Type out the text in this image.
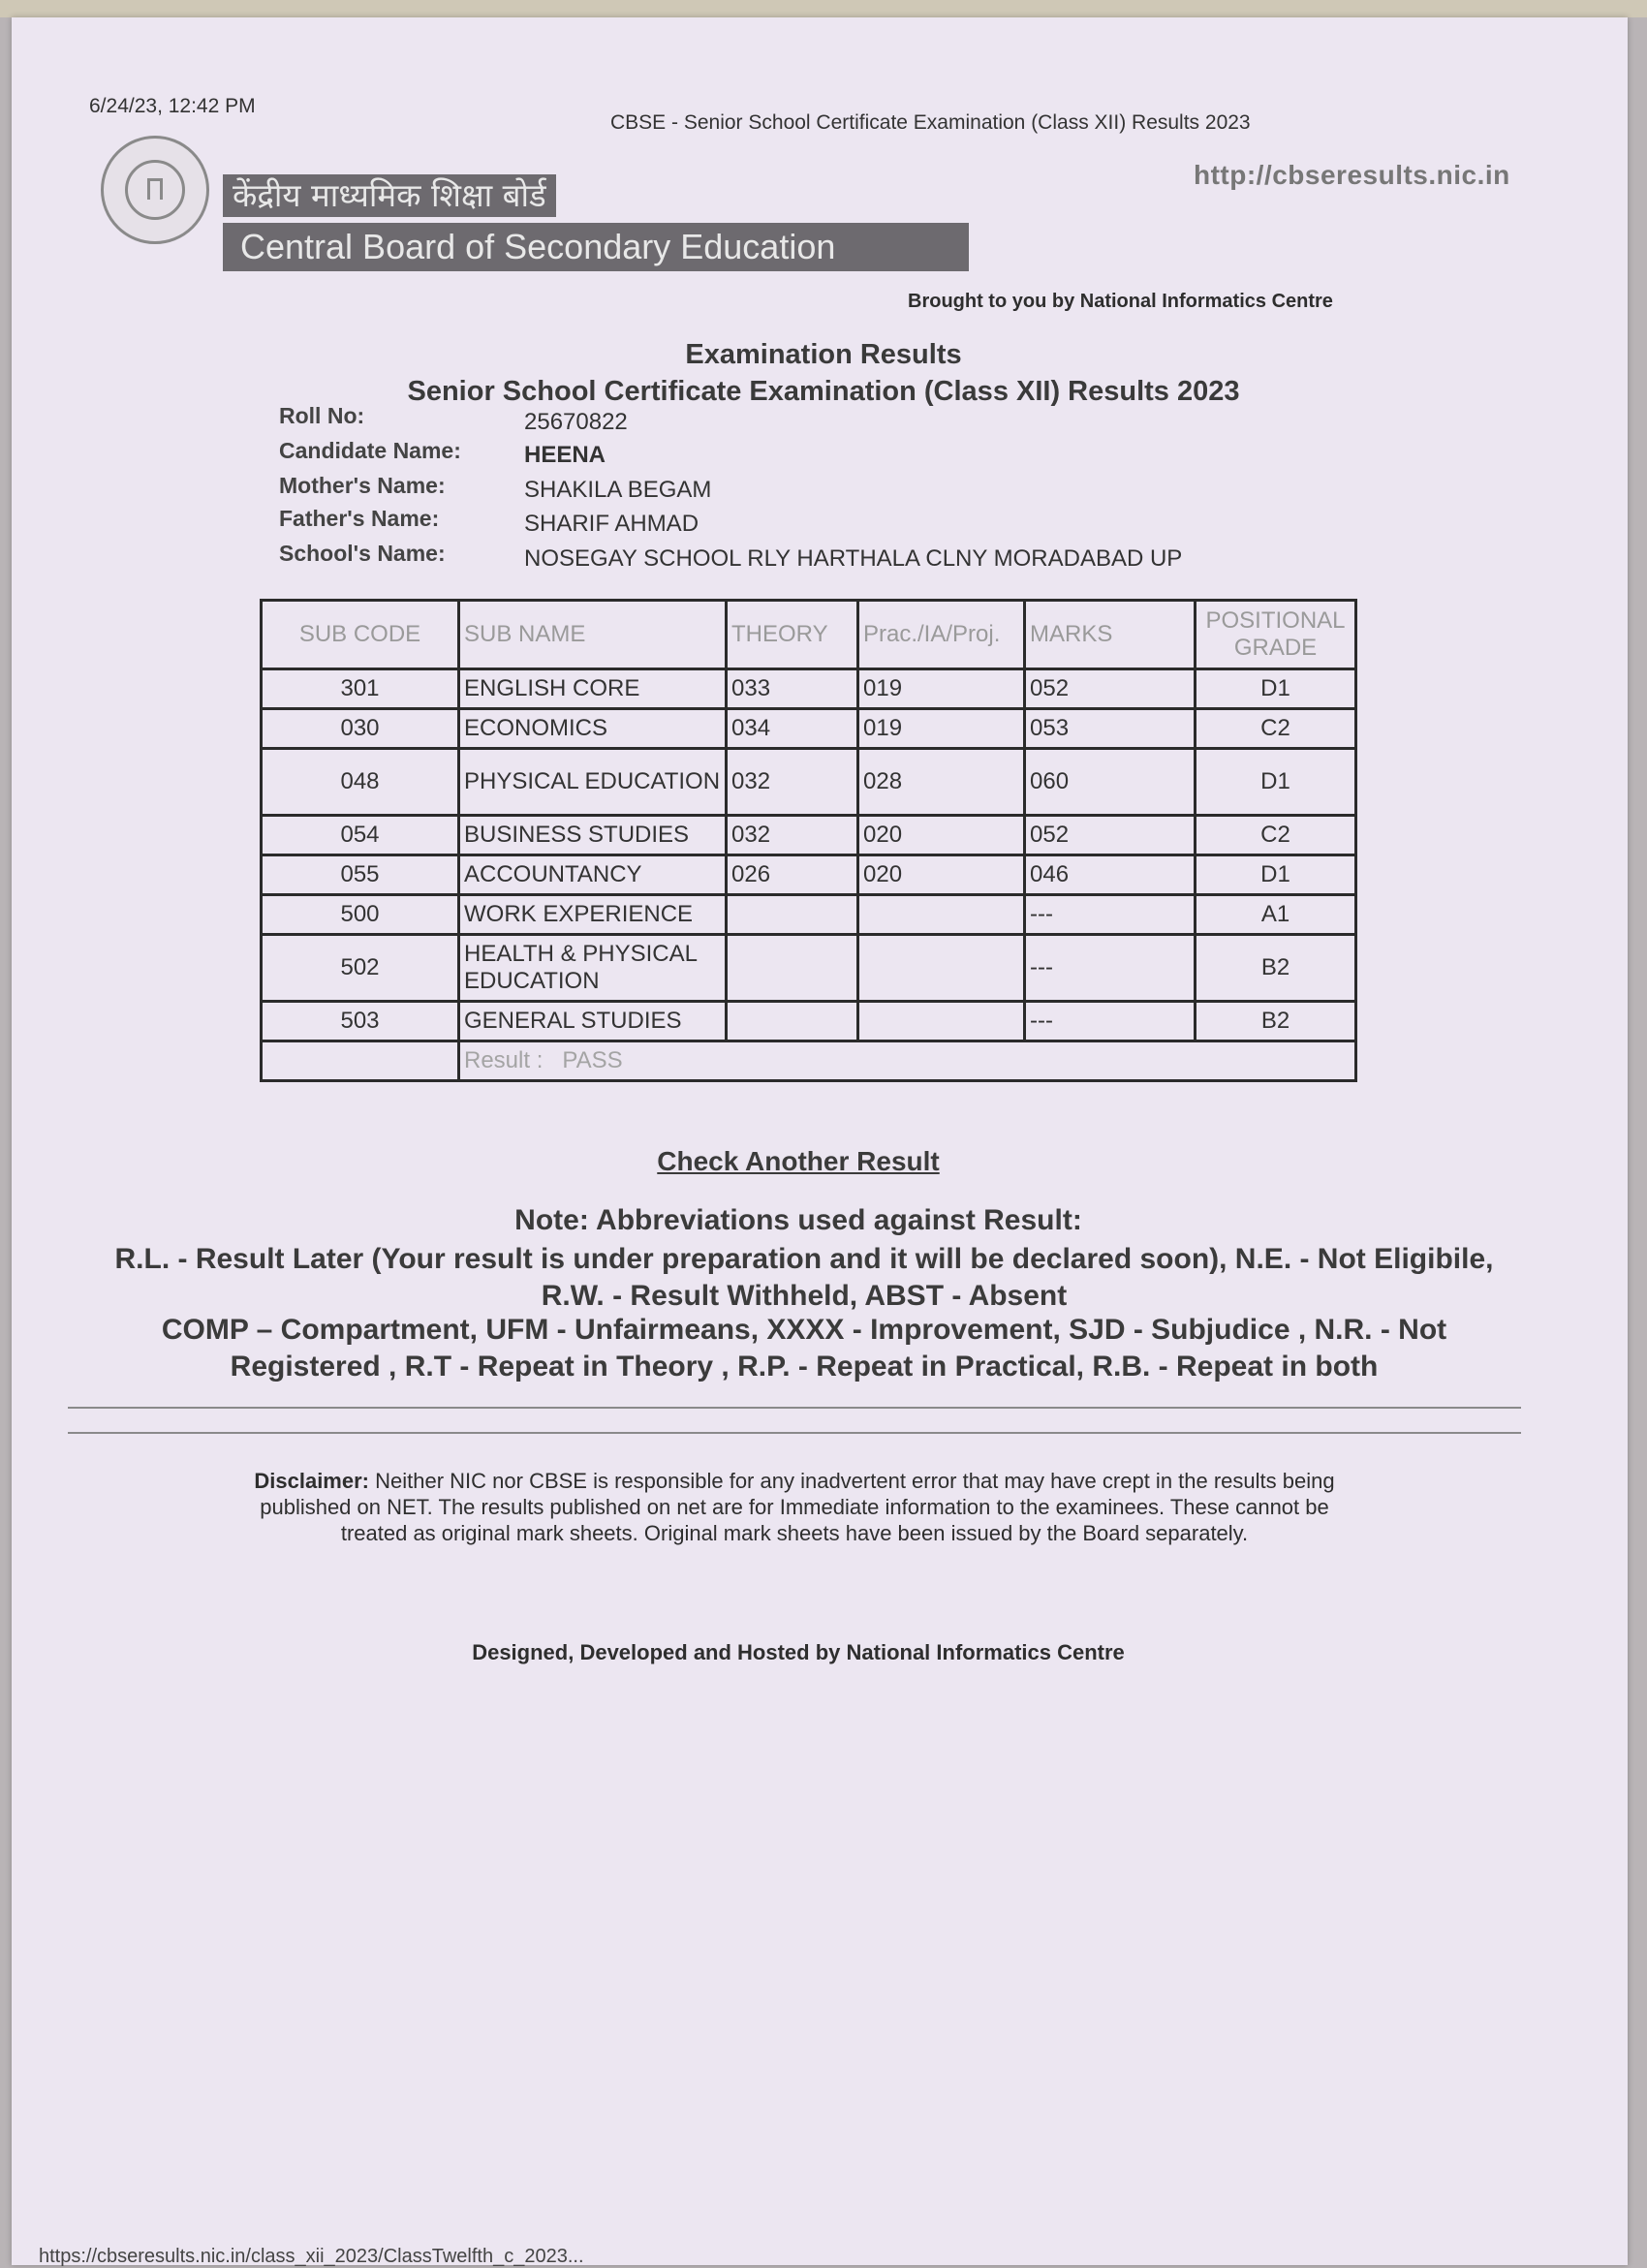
6/24/23, 12:42 PM
CBSE - Senior School Certificate Examination (Class XII) Results 2023
http://cbseresults.nic.in
केंद्रीय माध्यमिक शिक्षा बोर्ड
Central Board of Secondary Education
Brought to you by National Informatics Centre
Examination Results
Senior School Certificate Examination (Class XII) Results 2023
Roll No:	25670822
Candidate Name:	HEENA
Mother's Name:	SHAKILA BEGAM
Father's Name:	SHARIF AHMAD
School's Name:	NOSEGAY SCHOOL RLY HARTHALA CLNY MORADABAD UP
SUB CODE	SUB NAME	THEORY	Prac./IA/Proj.	MARKS	POSITIONAL GRADE
301	ENGLISH CORE	033	019	052	D1
030	ECONOMICS	034	019	053	C2
048	PHYSICAL EDUCATION	032	028	060	D1
054	BUSINESS STUDIES	032	020	052	C2
055	ACCOUNTANCY	026	020	046	D1
500	WORK EXPERIENCE			---	A1
502	HEALTH & PHYSICAL EDUCATION			---	B2
503	GENERAL STUDIES			---	B2
	Result : PASS				
Check Another Result
Note: Abbreviations used against Result:
R.L. - Result Later (Your result is under preparation and it will be declared soon), N.E. - Not Eligibile,
R.W. - Result Withheld, ABST - Absent
COMP – Compartment, UFM - Unfairmeans, XXXX - Improvement, SJD - Subjudice , N.R. - Not
Registered , R.T - Repeat in Theory , R.P. - Repeat in Practical, R.B. - Repeat in both
Disclaimer: Neither NIC nor CBSE is responsible for any inadvertent error that may have crept in the results being published on NET. The results published on net are for Immediate information to the examinees. These cannot be treated as original mark sheets. Original mark sheets have been issued by the Board separately.
Designed, Developed and Hosted by National Informatics Centre
https://cbseresults.nic.in/class_xii_2023/ClassTwelfth_c_2023...
